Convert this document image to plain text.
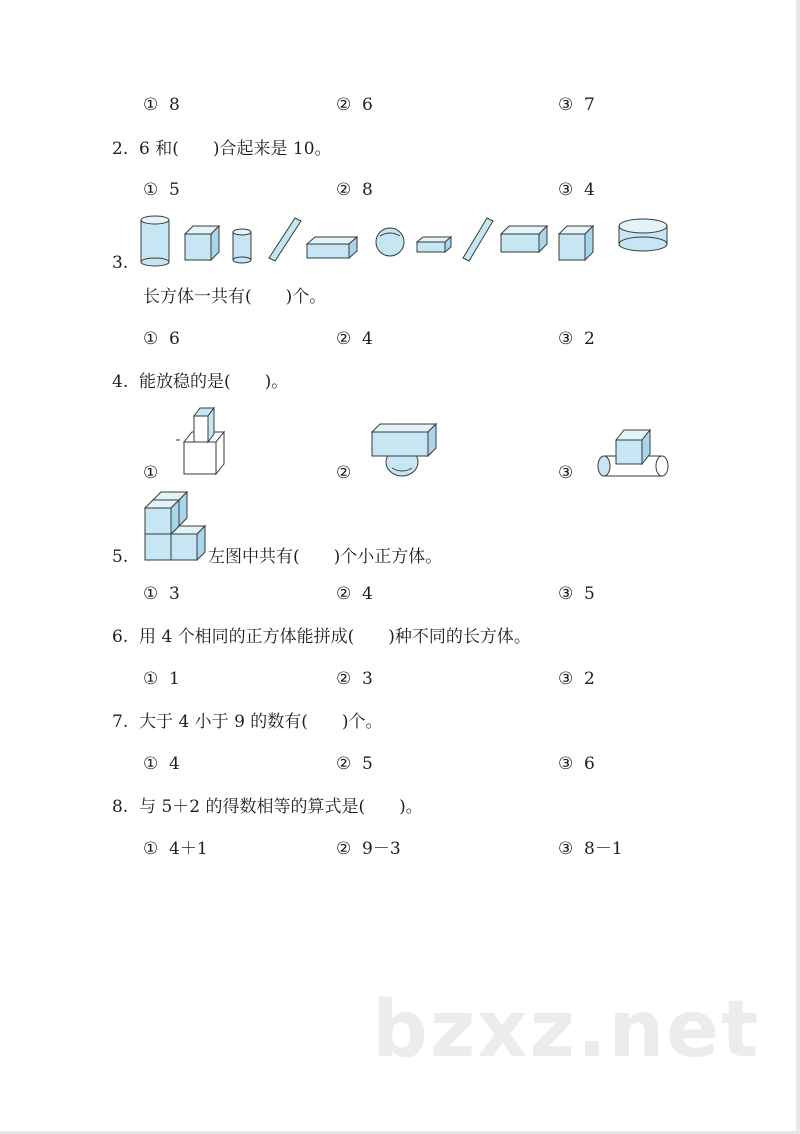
① 8	② 6	③ 7
2. 6 和(　　)合起来是 10。
① 5	② 8	③ 4
3.
长方体一共有(　　)个。
① 6	② 4	③ 2
4. 能放稳的是(　　)。
①	②	③
5.	左图中共有(　　)个小正方体。
① 3	② 4	③ 5
6. 用 4 个相同的正方体能拼成(　　)种不同的长方体。
① 1	② 3	③ 2
7. 大于 4 小于 9 的数有(　　)个。
① 4	② 5	③ 6
8. 与 5＋2 的得数相等的算式是(　　)。
① 4＋1	② 9－3	③ 8－1
bzxz.net
